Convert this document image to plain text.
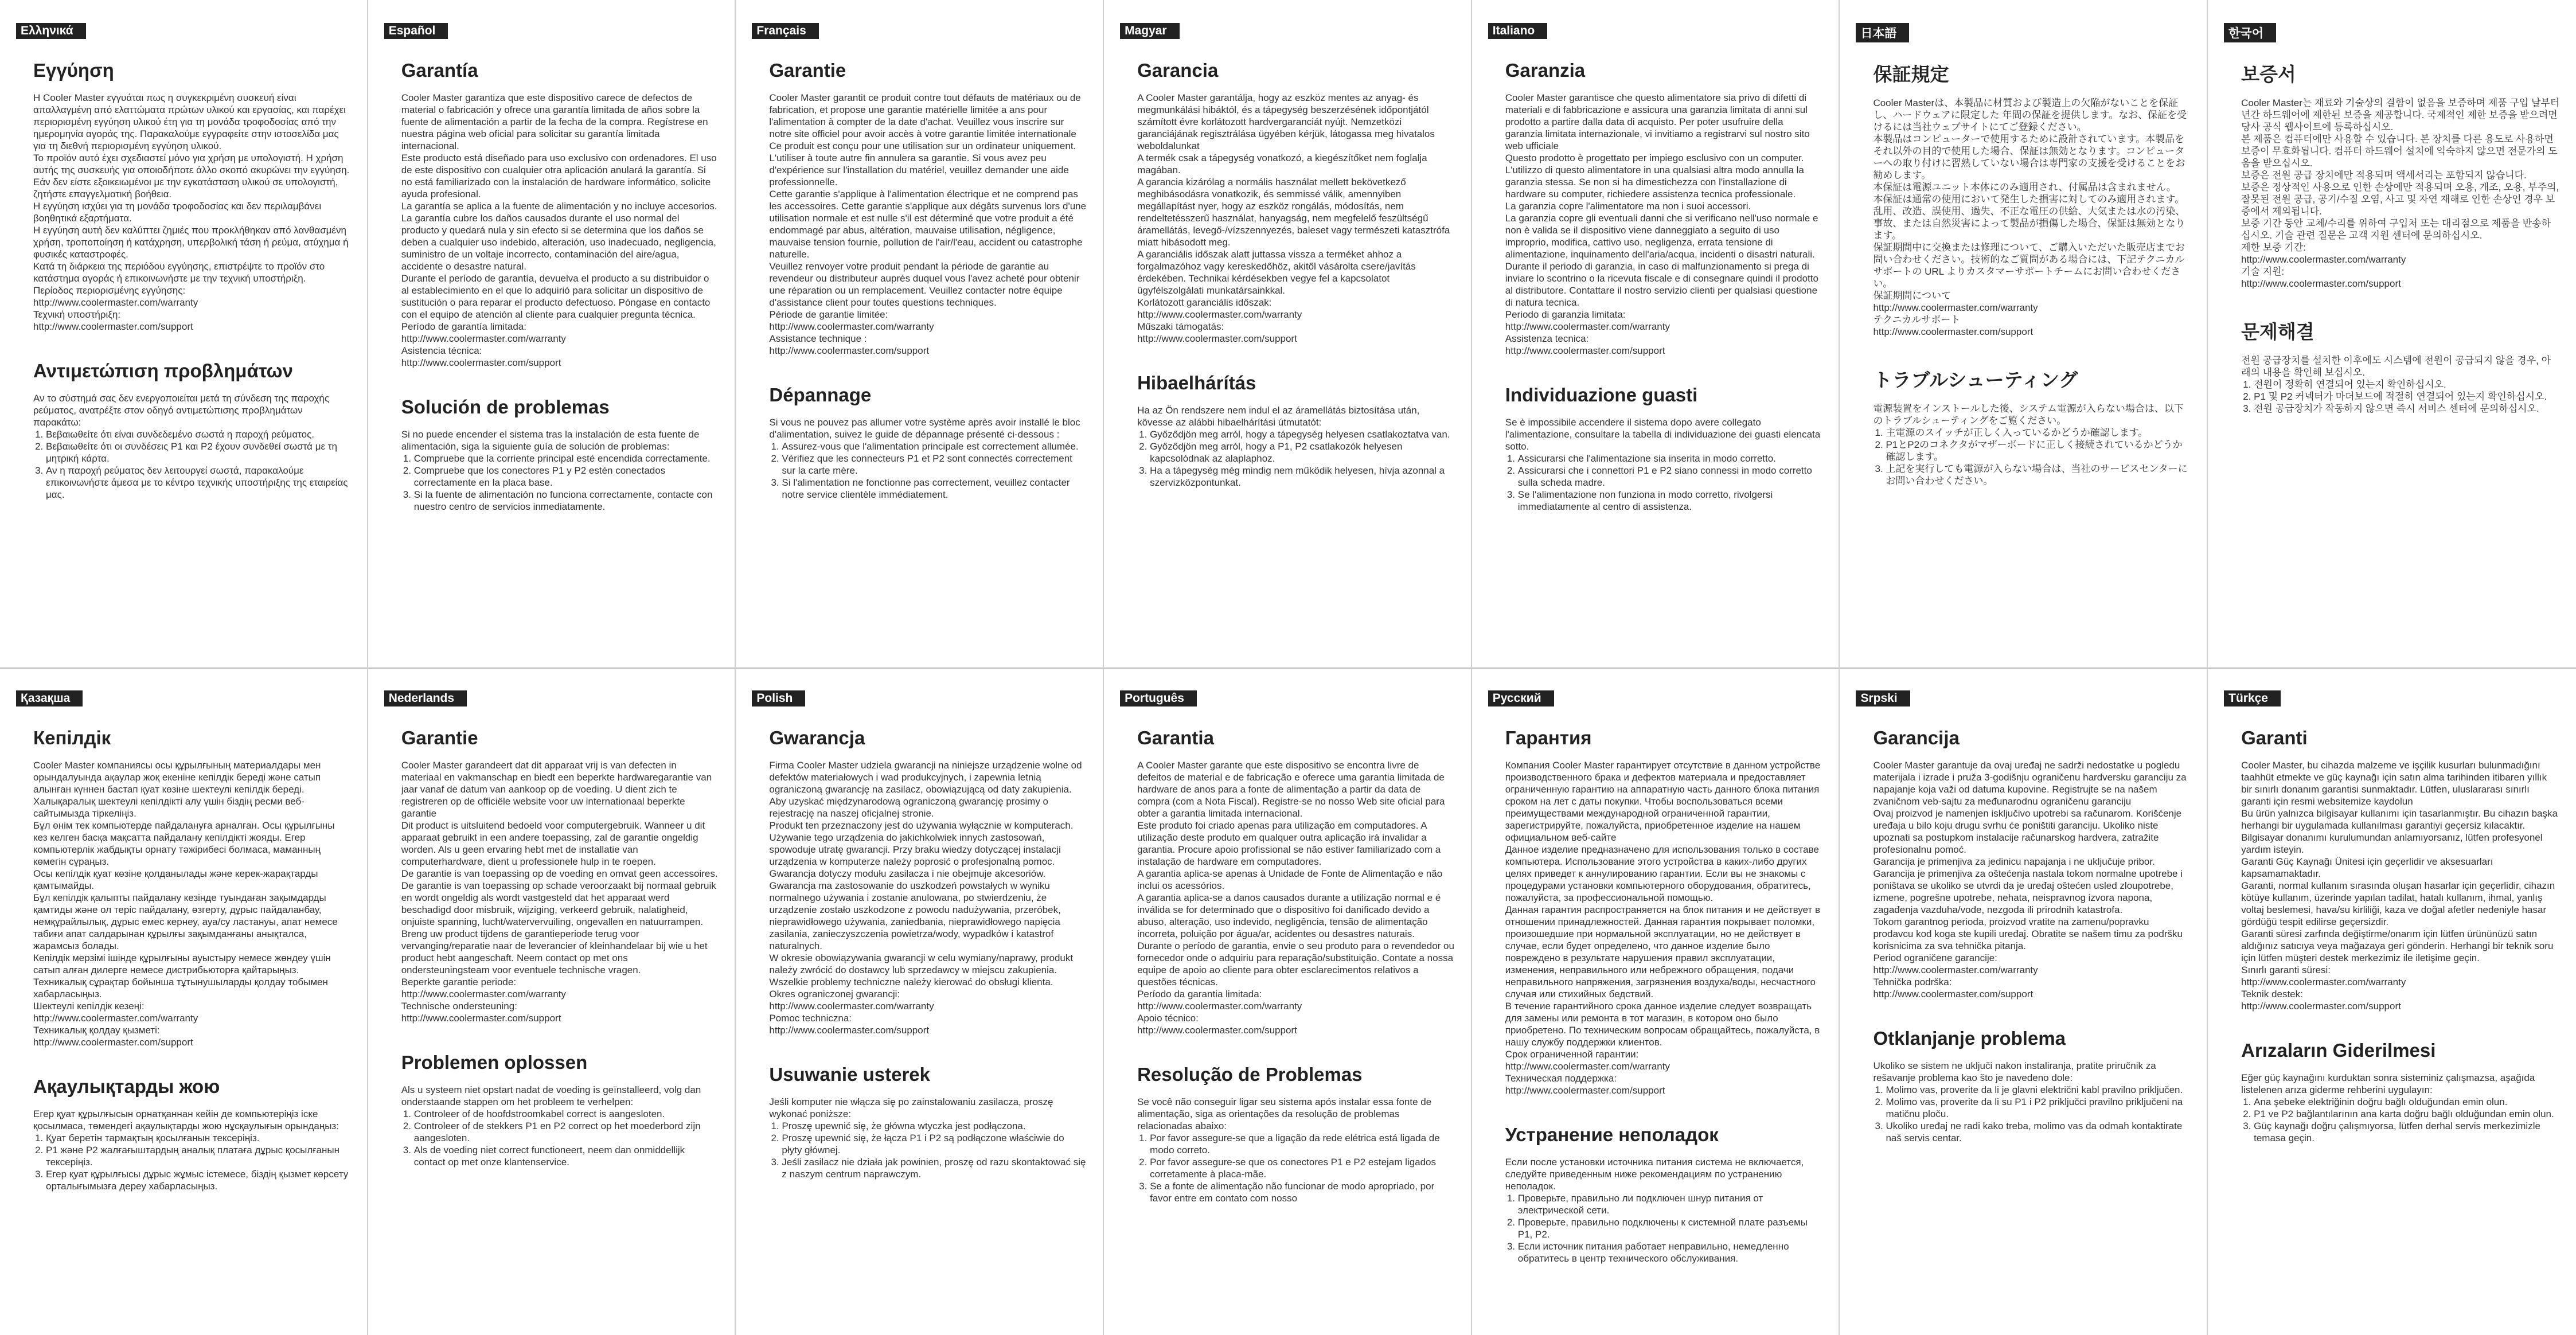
Ελληνικά
Εγγύηση
Η Cooler Master εγγυάται πως η συγκεκριμένη συσκευή είναι απαλλαγμένη από ελαττώματα πρώτων υλικού και εργασίας, και παρέχει περιορισμένη εγγύηση υλικού έτη για τη μονάδα τροφοδοσίας από την ημερομηνία αγοράς της. Παρακαλούμε εγγραφείτε στην ιστοσελίδα μας για τη διεθνή περιορισμένη εγγύηση υλικού.
Το προϊόν αυτό έχει σχεδιαστεί μόνο για χρήση με υπολογιστή. Η χρήση αυτής της συσκευής για οποιοδήποτε άλλο σκοπό ακυρώνει την εγγύηση. Εάν δεν είστε εξοικειωμένοι με την εγκατάσταση υλικού σε υπολογιστή, ζητήστε επαγγελματική βοήθεια.
Η εγγύηση ισχύει για τη μονάδα τροφοδοσίας και δεν περιλαμβάνει βοηθητικά εξαρτήματα.
Η εγγύηση αυτή δεν καλύπτει ζημιές που προκλήθηκαν από λανθασμένη χρήση, τροποποίηση ή κατάχρηση, υπερβολική τάση ή ρεύμα, ατύχημα ή φυσικές καταστροφές.
Κατά τη διάρκεια της περιόδου εγγύησης, επιστρέψτε το προϊόν στο κατάστημα αγοράς ή επικοινωνήστε με την τεχνική υποστήριξη.
Περίοδος περιορισμένης εγγύησης:
http://www.coolermaster.com/warranty
Τεχνική υποστήριξη:
http://www.coolermaster.com/support
Αντιμετώπιση προβλημάτων
Αν το σύστημά σας δεν ενεργοποιείται μετά τη σύνδεση της παροχής ρεύματος, ανατρέξτε στον οδηγό αντιμετώπισης προβλημάτων παρακάτω:
1. Βεβαιωθείτε ότι είναι συνδεδεμένο σωστά η παροχή ρεύματος.
2. Βεβαιωθείτε ότι οι συνδέσεις P1 και P2 έχουν συνδεθεί σωστά με τη μητρική κάρτα.
3. Αν η παροχή ρεύματος δεν λειτουργεί σωστά, παρακαλούμε επικοινωνήστε άμεσα με το κέντρο τεχνικής υποστήριξης της εταιρείας μας.
Español
Garantía
Cooler Master garantiza que este dispositivo carece de defectos de material o fabricación y ofrece una garantía limitada de años sobre la fuente de alimentación a partir de la fecha de la compra. Regístrese en nuestra página web oficial para solicitar su garantía limitada internacional.
Este producto está diseñado para uso exclusivo con ordenadores. El uso de este dispositivo con cualquier otra aplicación anulará la garantía. Si no está familiarizado con la instalación de hardware informático, solicite ayuda profesional.
La garantía se aplica a la fuente de alimentación y no incluye accesorios.
La garantía cubre los daños causados durante el uso normal del producto y quedará nula y sin efecto si se determina que los daños se deben a cualquier uso indebido, alteración, uso inadecuado, negligencia, suministro de un voltaje incorrecto, contaminación del aire/agua, accidente o desastre natural.
Durante el período de garantía, devuelva el producto a su distribuidor o al establecimiento en el que lo adquirió para solicitar un dispositivo de sustitución o para reparar el producto defectuoso. Póngase en contacto con el equipo de atención al cliente para cualquier pregunta técnica.
Período de garantía limitada:
http://www.coolermaster.com/warranty
Asistencia técnica:
http://www.coolermaster.com/support
Solución de problemas
Si no puede encender el sistema tras la instalación de esta fuente de alimentación, siga la siguiente guía de solución de problemas:
1. Compruebe que la corriente principal esté encendida correctamente.
2. Compruebe que los conectores P1 y P2 estén conectados correctamente en la placa base.
3. Si la fuente de alimentación no funciona correctamente, contacte con nuestro centro de servicios inmediatamente.
Français
Garantie
Cooler Master garantit ce produit contre tout défauts de matériaux ou de fabrication, et propose une garantie matérielle limitée a ans pour l'alimentation à compter de la date d'achat. Veuillez vous inscrire sur notre site officiel pour avoir accès à votre garantie limitée internationale
Ce produit est conçu pour une utilisation sur un ordinateur uniquement. L'utiliser à toute autre fin annulera sa garantie. Si vous avez peu d'expérience sur l'installation du matériel, veuillez demander une aide professionnelle.
Cette garantie s'applique à l'alimentation électrique et ne comprend pas les accessoires. Cette garantie s'applique aux dégâts survenus lors d'une utilisation normale et est nulle s'il est déterminé que votre produit a été endommagé par abus, altération, mauvaise utilisation, négligence, mauvaise tension fournie, pollution de l'air/l'eau, accident ou catastrophe naturelle.
Veuillez renvoyer votre produit pendant la période de garantie au revendeur ou distributeur auprès duquel vous l'avez acheté pour obtenir une réparation ou un remplacement. Veuillez contacter notre équipe d'assistance client pour toutes questions techniques.
Période de garantie limitée:
http://www.coolermaster.com/warranty
Assistance technique :
http://www.coolermaster.com/support
Dépannage
Si vous ne pouvez pas allumer votre système après avoir installé le bloc d'alimentation, suivez le guide de dépannage présenté ci-dessous :
1. Assurez-vous que l'alimentation principale est correctement allumée.
2. Vérifiez que les connecteurs P1 et P2 sont connectés correctement sur la carte mère.
3. Si l'alimentation ne fonctionne pas correctement, veuillez contacter notre service clientèle immédiatement.
Magyar
Garancia
A Cooler Master garantálja, hogy az eszköz mentes az anyag- és megmunkálási hibáktól, és a tápegység beszerzésének időpontjától számított évre korlátozott hardvergaranciát nyújt. Nemzetközi garanciájának regisztrálása ügyében kérjük, látogassa meg hivatalos weboldalunkat
A termék csak a tápegység vonatkozó, a kiegészítőket nem foglalja magában.
A garancia kizárólag a normális használat mellett bekövetkező meghibásodásra vonatkozik, és semmissé válik, amennyiben megállapítást nyer, hogy az eszköz rongálás, módosítás, nem rendeltetésszerű használat, hanyagság, nem megfelelő feszültségű áramellátás, levegő-/vízszennyezés, baleset vagy természeti katasztrófa miatt hibásodott meg.
A garanciális időszak alatt juttassa vissza a terméket ahhoz a forgalmazóhoz vagy kereskedőhöz, akitől vásárolta csere/javítás érdekében. Technikai kérdésekben vegye fel a kapcsolatot ügyfélszolgálati munkatársainkkal.
Korlátozott garanciális időszak:
http://www.coolermaster.com/warranty
Műszaki támogatás:
http://www.coolermaster.com/support
Hibaelhárítás
Ha az Ön rendszere nem indul el az áramellátás biztosítása után, kövesse az alábbi hibaelhárítási útmutatót:
1. Győződjön meg arról, hogy a tápegység helyesen csatlakoztatva van.
2. Győződjön meg arról, hogy a P1, P2 csatlakozók helyesen kapcsolódnak az alaplaphoz.
3. Ha a tápegység még mindig nem működik helyesen, hívja azonnal a szervizközpontunkat.
Italiano
Garanzia
Cooler Master garantisce che questo alimentatore sia privo di difetti di materiali e di fabbricazione e assicura una garanzia limitata di anni sul prodotto a partire dalla data di acquisto. Per poter usufruire della garanzia limitata internazionale, vi invitiamo a registrarvi sul nostro sito web ufficiale
Questo prodotto è progettato per impiego esclusivo con un computer. L'utilizzo di questo alimentatore in una qualsiasi altra modo annulla la garanzia stessa. Se non si ha dimestichezza con l'installazione di hardware su computer, richiedere assistenza tecnica professionale.
La garanzia copre l'alimentatore ma non i suoi accessori.
La garanzia copre gli eventuali danni che si verificano nell'uso normale e non è valida se il dispositivo viene danneggiato a seguito di uso improprio, modifica, cattivo uso, negligenza, errata tensione di alimentazione, inquinamento dell'aria/acqua, incidenti o disastri naturali.
Durante il periodo di garanzia, in caso di malfunzionamento si prega di inviare lo scontrino o la ricevuta fiscale e di consegnare quindi il prodotto al distributore. Contattare il nostro servizio clienti per qualsiasi questione di natura tecnica.
Periodo di garanzia limitata:
http://www.coolermaster.com/warranty
Assistenza tecnica:
http://www.coolermaster.com/support
Individuazione guasti
Se è impossibile accendere il sistema dopo avere collegato l'alimentazione, consultare la tabella di individuazione dei guasti elencata sotto.
1. Assicurarsi che l'alimentazione sia inserita in modo corretto.
2. Assicurarsi che i connettori P1 e P2 siano connessi in modo corretto sulla scheda madre.
3. Se l'alimentazione non funziona in modo corretto, rivolgersi immediatamente al centro di assistenza.
日本語
保証規定
Cooler Masterは、本製品に材質および製造上の欠陥がないことを保証し、ハードウェアに限定した 年間の保証を提供します。なお、保証を受けるには当社ウェブサイトにてご登録ください。
本製品はコンピューターで使用するために設計されています。本製品をそれ以外の目的で使用した場合、保証は無効となります。コンピューターへの取り付けに習熟していない場合は専門家の支援を受けることをお勧めします。
本保証は電源ユニット本体にのみ適用され、付属品は含まれません。
本保証は通常の使用において発生した損害に対してのみ適用されます。乱用、改造、誤使用、過失、不正な電圧の供給、大気または水の汚染、事故、または自然災害によって製品が損傷した場合、保証は無効となります。
保証期間中に交換または修理について、ご購入いただいた販売店までお問い合わせください。技術的なご質問がある場合には、下記テクニカルサポートの URL よりカスタマーサポートチームにお問い合わせください。
保証期間について
http://www.coolermaster.com/warranty
テクニカルサポート
http://www.coolermaster.com/support
トラブルシューティング
電源装置をインストールした後、システム電源が入らない場合は、以下のトラブルシューティングをご覧ください。
1. 主電源のスイッチが正しく入っているかどうか確認します。
2. P1とP2のコネクタがマザーボードに正しく接続されているかどうか確認します。
3. 上記を実行しても電源が入らない場合は、当社のサービスセンターにお問い合わせください。
한국어
보증서
Cooler Master는 재료와 기술상의 결함이 없음을 보증하며 제품 구입 날부터 년간 하드웨어에 제한된 보증을 제공합니다. 국제적인 제한 보증을 받으려면 당사 공식 웹사이트에 등록하십시오.
본 제품은 컴퓨터에만 사용할 수 있습니다. 본 장치를 다른 용도로 사용하면 보증이 무효화됩니다. 컴퓨터 하드웨어 설치에 익숙하지 않으면 전문가의 도움을 받으십시오.
보증은 전원 공급 장치에만 적용되며 액세서리는 포함되지 않습니다.
보증은 정상적인 사용으로 인한 손상에만 적용되며 오용, 개조, 오용, 부주의, 잘못된 전원 공급, 공기/수질 오염, 사고 및 자연 재해로 인한 손상인 경우 보증에서 제외됩니다.
보증 기간 동안 교체/수리를 위하여 구입처 또는 대리점으로 제품을 반송하십시오. 기술 관련 질문은 고객 지원 센터에 문의하십시오.
제한 보증 기간:
http://www.coolermaster.com/warranty
기술 지원:
http://www.coolermaster.com/support
문제해결
전원 공급장치를 설치한 이후에도 시스템에 전원이 공급되지 않을 경우, 아래의 내용을 확인해 보십시오.
1. 전원이 정확히 연결되어 있는지 확인하십시오.
2. P1 및 P2 커넥터가 마더보드에 적절히 연결되어 있는지 확인하십시오.
3. 전원 공급장치가 작동하지 않으면 즉시 서비스 센터에 문의하십시오.
Қазақша
Кепілдік
Cooler Master компаниясы осы құрылғының материалдары мен орындалуында ақаулар жоқ екеніне кепілдік береді және сатып алынған күннен бастап қуат көзіне шектеулі кепілдік береді. Халықаралық шектеулі кепілдікті алу үшін біздің ресми веб-сайтымызда тіркеліңіз.
Бұл өнім тек компьютерде пайдалануға арналған. Осы құрылғыны кез келген басқа мақсатта пайдалану кепілдікті жояды. Егер компьютерлік жабдықты орнату тәжірибесі болмаса, маманның көмегін сұраңыз.
Осы кепілдік қуат көзіне қолданылады және керек-жарақтарды қамтымайды.
Бұл кепілдік қалыпты пайдалану кезінде туындаған зақымдарды қамтиды және ол теріс пайдалану, өзгерту, дұрыс пайдаланбау, немқұрайлылық, дұрыс емес кернеу, ауа/су ластануы, апат немесе табиғи апат салдарынан құрылғы зақымданғаны анықталса, жарамсыз болады.
Кепілдік мерзімі ішінде құрылғыны ауыстыру немесе жөндеу үшін сатып алған дилерге немесе дистрибьюторға қайтарыңыз. Техникалық сұрақтар бойынша тұтынушыларды қолдау тобымен хабарласыңыз.
Шектеулі кепілдік кезеңі:
http://www.coolermaster.com/warranty
Техникалық қолдау қызметі:
http://www.coolermaster.com/support
Ақаулықтарды жою
Егер қуат құрылғысын орнатқаннан кейін де компьютеріңіз іске қосылмаса, төмендегі ақаулықтарды жою нұсқаулығын орындаңыз:
1. Қуат беретін тармақтың қосылғанын тексеріңіз.
2. P1 және P2 жалғағыштардың аналық платаға дұрыс қосылғанын тексеріңіз.
3. Егер қуат құрылғысы дұрыс жұмыс істемесе, біздің қызмет көрсету орталығымызға дереу хабарласыңыз.
Nederlands
Garantie
Cooler Master garandeert dat dit apparaat vrij is van defecten in materiaal en vakmanschap en biedt een beperkte hardwaregarantie van jaar vanaf de datum van aankoop op de voeding. U dient zich te registreren op de officiële website voor uw internationaal beperkte garantie
Dit product is uitsluitend bedoeld voor computergebruik. Wanneer u dit apparaat gebruikt in een andere toepassing, zal de garantie ongeldig worden. Als u geen ervaring hebt met de installatie van computerhardware, dient u professionele hulp in te roepen.
De garantie is van toepassing op de voeding en omvat geen accessoires.
De garantie is van toepassing op schade veroorzaakt bij normaal gebruik en wordt ongeldig als wordt vastgesteld dat het apparaat werd beschadigd door misbruik, wijziging, verkeerd gebruik, nalatigheid, onjuiste spanning, lucht/watervervuiling, ongevallen en natuurrampen.
Breng uw product tijdens de garantieperiode terug voor vervanging/reparatie naar de leverancier of kleinhandelaar bij wie u het product hebt aangeschaft. Neem contact op met ons ondersteuningsteam voor eventuele technische vragen.
Beperkte garantie periode:
http://www.coolermaster.com/warranty
Technische ondersteuning:
http://www.coolermaster.com/support
Problemen oplossen
Als u systeem niet opstart nadat de voeding is geïnstalleerd, volg dan onderstaande stappen om het probleem te verhelpen:
1. Controleer of de hoofdstroomkabel correct is aangesloten.
2. Controleer of de stekkers P1 en P2 correct op het moederbord zijn aangesloten.
3. Als de voeding niet correct functioneert, neem dan onmiddellijk contact op met onze klantenservice.
Polish
Gwarancja
Firma Cooler Master udziela gwarancji na niniejsze urządzenie wolne od defektów materiałowych i wad produkcyjnych, i zapewnia letnią ograniczoną gwarancję na zasilacz, obowiązującą od daty zakupienia. Aby uzyskać międzynarodową ograniczoną gwarancję prosimy o rejestrację na naszej oficjalnej stronie.
Produkt ten przeznaczony jest do używania wyłącznie w komputerach. Używanie tego urządzenia do jakichkolwiek innych zastosowań, spowoduje utratę gwarancji. Przy braku wiedzy dotyczącej instalacji urządzenia w komputerze należy poprosić o profesjonalną pomoc.
Gwarancja dotyczy modułu zasilacza i nie obejmuje akcesoriów.
Gwarancja ma zastosowanie do uszkodzeń powstałych w wyniku normalnego używania i zostanie anulowana, po stwierdzeniu, że urządzenie zostało uszkodzone z powodu nadużywania, przeróbek, nieprawidłowego używania, zaniedbania, nieprawidłowego napięcia zasilania, zanieczyszczenia powietrza/wody, wypadków i katastrof naturalnych.
W okresie obowiązywania gwarancji w celu wymiany/naprawy, produkt należy zwrócić do dostawcy lub sprzedawcy w miejscu zakupienia. Wszelkie problemy techniczne należy kierować do obsługi klienta.
Okres ograniczonej gwarancji:
http://www.coolermaster.com/warranty
Pomoc techniczna:
http://www.coolermaster.com/support
Usuwanie usterek
Jeśli komputer nie włącza się po zainstalowaniu zasilacza, proszę wykonać poniższe:
1. Proszę upewnić się, że główna wtyczka jest podłączona.
2. Proszę upewnić się, że łącza P1 i P2 są podłączone właściwie do płyty głównej.
3. Jeśli zasilacz nie działa jak powinien, proszę od razu skontaktować się z naszym centrum naprawczym.
Português
Garantia
A Cooler Master garante que este dispositivo se encontra livre de defeitos de material e de fabricação e oferece uma garantia limitada de hardware de anos para a fonte de alimentação a partir da data de compra (com a Nota Fiscal). Registre-se no nosso Web site oficial para obter a garantia limitada internacional.
Este produto foi criado apenas para utilização em computadores. A utilização deste produto em qualquer outra aplicação irá invalidar a garantia. Procure apoio profissional se não estiver familiarizado com a instalação de hardware em computadores.
A garantia aplica-se apenas à Unidade de Fonte de Alimentação e não inclui os acessórios.
A garantia aplica-se a danos causados durante a utilização normal e é inválida se for determinado que o dispositivo foi danificado devido a abuso, alteração, uso indevido, negligência, tensão de alimentação incorreta, poluição por água/ar, acidentes ou desastres naturais.
Durante o período de garantia, envie o seu produto para o revendedor ou fornecedor onde o adquiriu para reparação/substituição. Contate a nossa equipe de apoio ao cliente para obter esclarecimentos relativos a questões técnicas.
Período da garantia limitada:
http://www.coolermaster.com/warranty
Apoio técnico:
http://www.coolermaster.com/support
Resolução de Problemas
Se você não conseguir ligar seu sistema após instalar essa fonte de alimentação, siga as orientações da resolução de problemas relacionadas abaixo:
1. Por favor assegure-se que a ligação da rede elétrica está ligada de modo correto.
2. Por favor assegure-se que os conectores P1 e P2 estejam ligados corretamente à placa-mãe.
3. Se a fonte de alimentação não funcionar de modo apropriado, por favor entre em contato com nosso
Русский
Гарантия
Компания Cooler Master гарантирует отсутствие в данном устройстве производственного брака и дефектов материала и предоставляет ограниченную гарантию на аппаратную часть данного блока питания сроком на лет с даты покупки. Чтобы воспользоваться всеми преимуществами международной ограниченной гарантии, зарегистрируйте, пожалуйста, приобретенное изделие на нашем официальном веб-сайте
Данное изделие предназначено для использования только в составе компьютера. Использование этого устройства в каких-либо других целях приведет к аннулированию гарантии. Если вы не знакомы с процедурами установки компьютерного оборудования, обратитесь, пожалуйста, за профессиональной помощью.
Данная гарантия распространяется на блок питания и не действует в отношении принадлежностей. Данная гарантия покрывает поломки, произошедшие при нормальной эксплуатации, но не действует в случае, если будет определено, что данное изделие было повреждено в результате нарушения правил эксплуатации, изменения, неправильного или небрежного обращения, подачи неправильного напряжения, загрязнения воздуха/воды, несчастного случая или стихийных бедствий.
В течение гарантийного срока данное изделие следует возвращать для замены или ремонта в тот магазин, в котором оно было приобретено. По техническим вопросам обращайтесь, пожалуйста, в нашу службу поддержки клиентов.
Срок ограниченной гарантии:
http://www.coolermaster.com/warranty
Техническая поддержка:
http://www.coolermaster.com/support
Устранение неполадок
Если после установки источника питания система не включается, следуйте приведенным ниже рекомендациям по устранению неполадок.
1. Проверьте, правильно ли подключен шнур питания от электрической сети.
2. Проверьте, правильно подключены к системной плате разъемы P1, P2.
3. Если источник питания работает неправильно, немедленно обратитесь в центр технического обслуживания.
Srpski
Garancija
Cooler Master garantuje da ovaj uređaj ne sadrži nedostatke u pogledu materijala i izrade i pruža 3-godišnju ograničenu hardversku garanciju za napajanje koja važi od datuma kupovine. Registrujte se na našem zvaničnom veb-sajtu za međunarodnu ograničenu garanciju
Ovaj proizvod je namenjen isključivo upotrebi sa računarom. Korišćenje uređaja u bilo koju drugu svrhu će poništiti garanciju. Ukoliko niste upoznati sa postupkom instalacije računarskog hardvera, zatražite profesionalnu pomoć.
Garancija je primenjiva za jedinicu napajanja i ne uključuje pribor. Garancija je primenjiva za oštećenja nastala tokom normalne upotrebe i poništava se ukoliko se utvrdi da je uređaj oštećen usled zloupotrebe, izmene, pogrešne upotrebe, nehata, neispravnog izvora napona, zagađenja vazduha/vode, nezgoda ili prirodnih katastrofa.
Tokom garantnog perioda, proizvod vratite na zamenu/popravku prodavcu kod koga ste kupili uređaj. Obratite se našem timu za podršku korisnicima za sva tehnička pitanja.
Period ograničene garancije:
http://www.coolermaster.com/warranty
Tehnička podrška:
http://www.coolermaster.com/support
Otklanjanje problema
Ukoliko se sistem ne uključi nakon instaliranja, pratite priručnik za rešavanje problema kao što je navedeno dole:
1. Molimo vas, proverite da li je glavni električni kabl pravilno priključen.
2. Molimo vas, proverite da li su P1 i P2 priključci pravilno priključeni na matičnu ploču.
3. Ukoliko uređaj ne radi kako treba, molimo vas da odmah kontaktirate naš servis centar.
Türkçe
Garanti
Cooler Master, bu cihazda malzeme ve işçilik kusurları bulunmadığını taahhüt etmekte ve güç kaynağı için satın alma tarihinden itibaren yıllık bir sınırlı donanım garantisi sunmaktadır. Lütfen, uluslararası sınırlı garanti için resmi websitemize kaydolun
Bu ürün yalnızca bilgisayar kullanımı için tasarlanmıştır. Bu cihazın başka herhangi bir uygulamada kullanılması garantiyi geçersiz kılacaktır. Bilgisayar donanımı kurulumundan anlamıyorsanız, lütfen profesyonel yardım isteyin.
Garanti Güç Kaynağı Ünitesi için geçerlidir ve aksesuarları kapsamamaktadır.
Garanti, normal kullanım sırasında oluşan hasarlar için geçerlidir, cihazın kötüye kullanım, üzerinde yapılan tadilat, hatalı kullanım, ihmal, yanlış voltaj beslemesi, hava/su kirliliği, kaza ve doğal afetler nedeniyle hasar gördüğü tespit edilirse geçersizdir.
Garanti süresi zarfında değiştirme/onarım için lütfen ürününüzü satın aldığınız satıcıya veya mağazaya geri gönderin. Herhangi bir teknik soru için lütfen müşteri destek merkezimiz ile iletişime geçin.
Sınırlı garanti süresi:
http://www.coolermaster.com/warranty
Teknik destek:
http://www.coolermaster.com/support
Arızaların Giderilmesi
Eğer güç kaynağını kurduktan sonra sisteminiz çalışmazsa, aşağıda listelenen arıza giderme rehberini uygulayın:
1. Ana şebeke elektriğinin doğru bağlı olduğundan emin olun.
2. P1 ve P2 bağlantılarının ana karta doğru bağlı olduğundan emin olun.
3. Güç kaynağı doğru çalışmıyorsa, lütfen derhal servis merkezimizle temasa geçin.
